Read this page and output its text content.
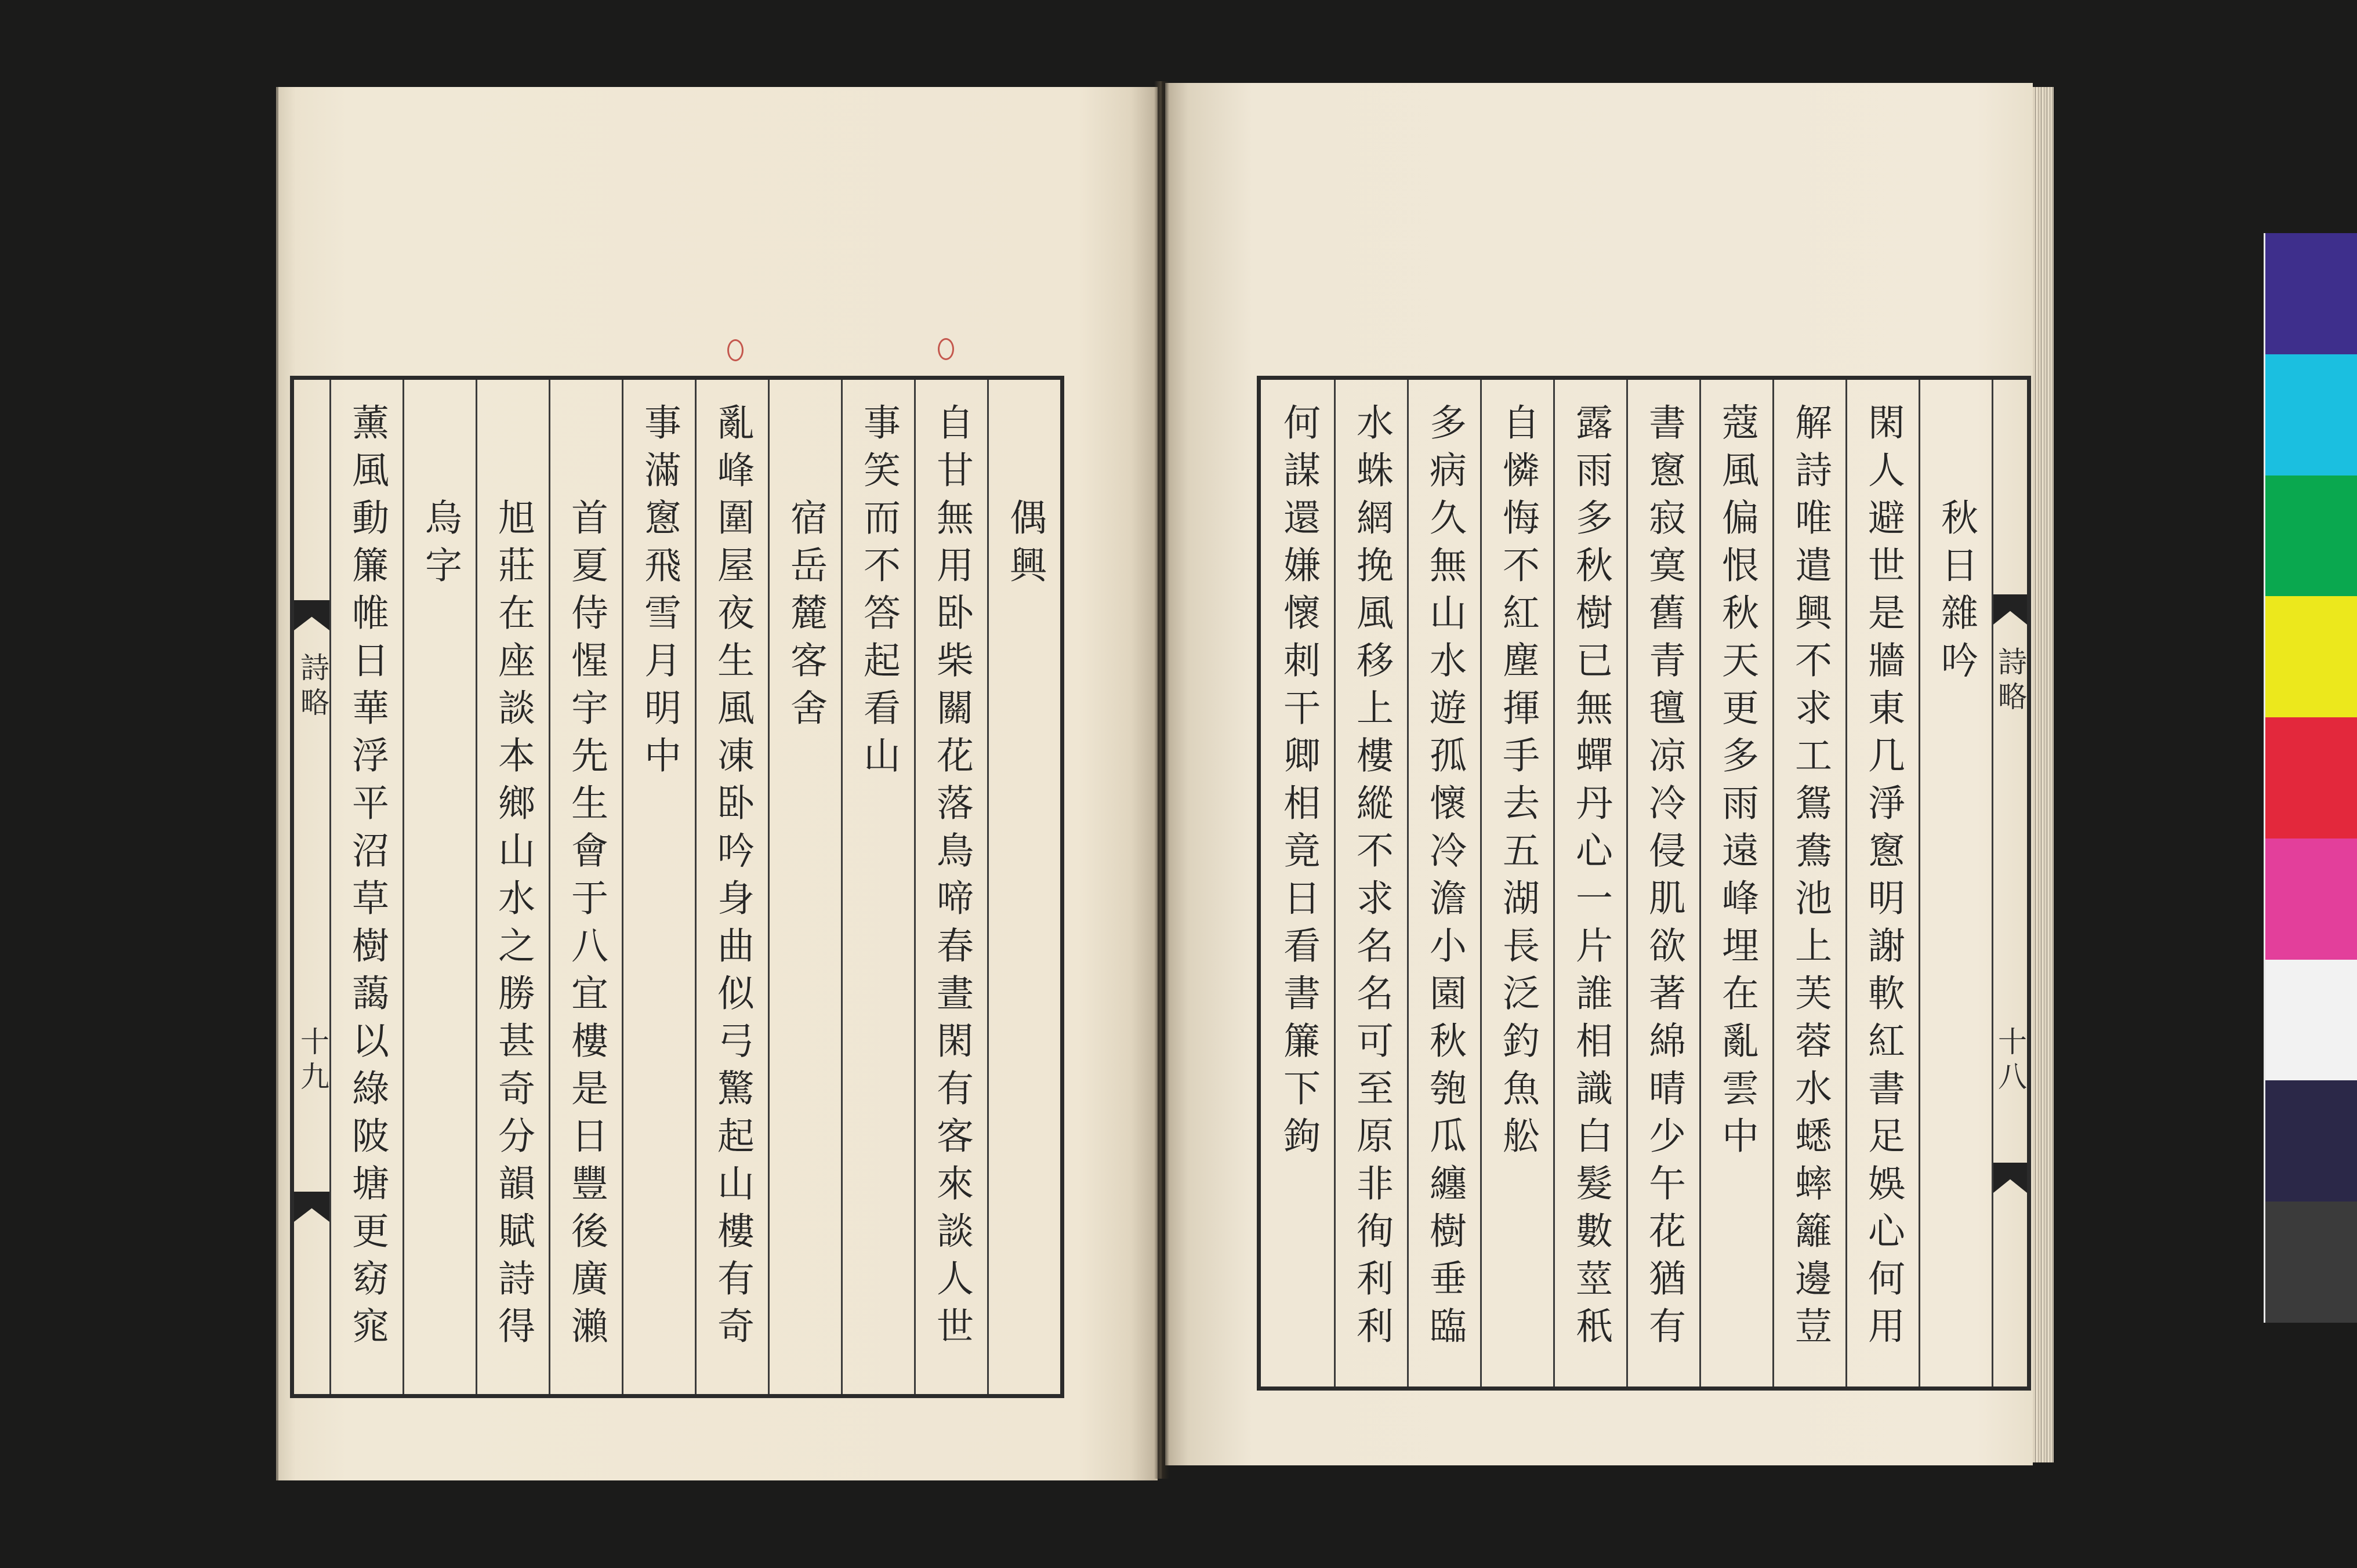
偶興
自甘無用卧柴關花落鳥啼春晝閑有客來談人世
事笑而不答起看山
宿岳麓客舍
亂峰圍屋夜生風凍卧吟身曲似弓驚起山樓有奇
事滿窻飛雪月明中
首夏侍惺宇先生會于八宜樓是日豐後廣瀨
旭莊在座談本鄉山水之勝甚奇分韻賦詩得
烏字
薰風動簾帷日華浮平沼草樹藹以綠陂塘更窈窕
詩略
十九
詩略
十八
秋日雜吟
閑人避世是牆東几淨窻明謝軟紅書足娛心何用
解詩唯遣興不求工鴛鴦池上芙蓉水蟋蟀籬邊荳
蔻風偏恨秋天更多雨遠峰埋在亂雲中
書窻寂寞舊青氊凉冷侵肌欲著綿晴少午花猶有
露雨多秋樹已無蟬丹心一片誰相識白髮數莖秖
自憐悔不紅塵揮手去五湖長泛釣魚舩
多病久無山水遊孤懷冷澹小園秋匏瓜纏樹垂臨
水蛛網挽風移上樓縱不求名名可至原非徇利利
何謀還嫌懷刺干卿相竟日看書簾下鉤
